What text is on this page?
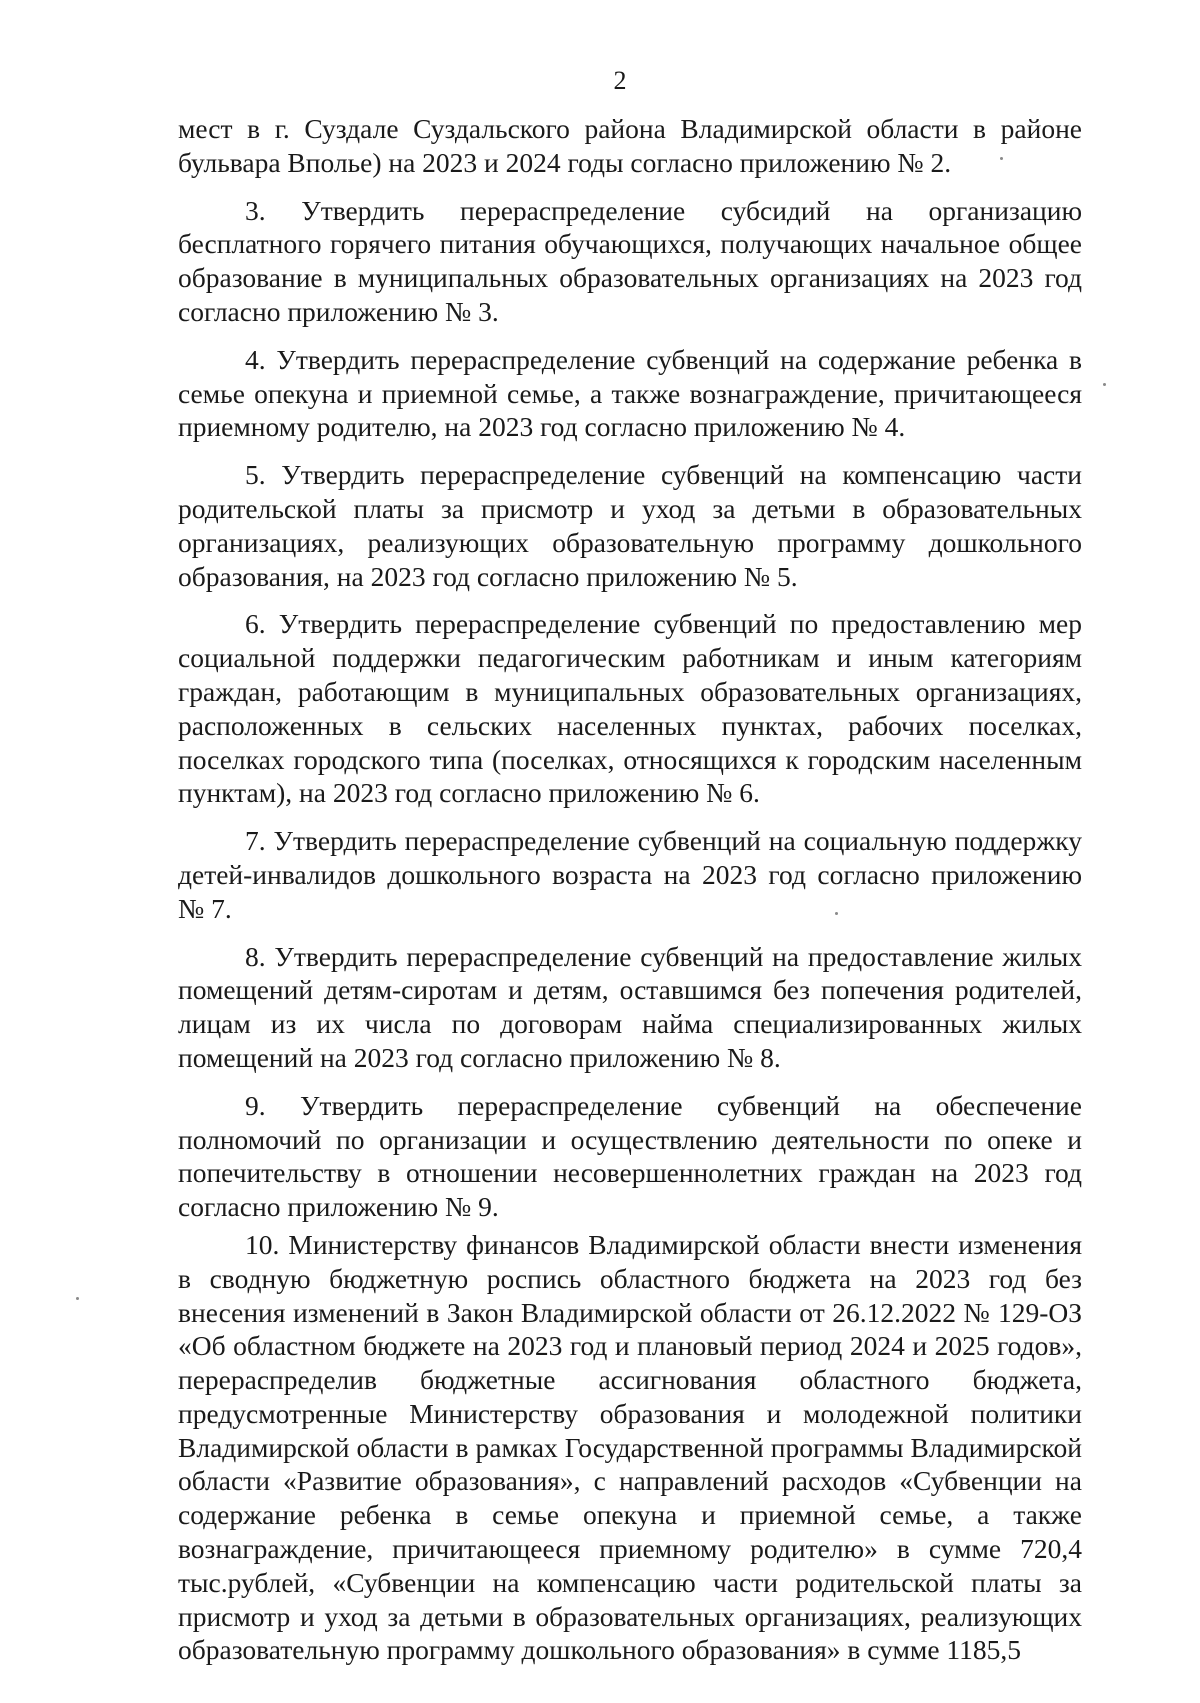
2

мест в г. Суздале Суздальского района Владимирской области в районе бульвара Вполье) на 2023 и 2024 годы согласно приложению № 2.

3. Утвердить перераспределение субсидий на организацию бесплатного горячего питания обучающихся, получающих начальное общее образование в муниципальных образовательных организациях на 2023 год согласно приложению № 3.

4. Утвердить перераспределение субвенций на содержание ребенка в семье опекуна и приемной семье, а также вознаграждение, причитающееся приемному родителю, на 2023 год согласно приложению № 4.

5. Утвердить перераспределение субвенций на компенсацию части родительской платы за присмотр и уход за детьми в образовательных организациях, реализующих образовательную программу дошкольного образования, на 2023 год согласно приложению № 5.

6. Утвердить перераспределение субвенций по предоставлению мер социальной поддержки педагогическим работникам и иным категориям граждан, работающим в муниципальных образовательных организациях, расположенных в сельских населенных пунктах, рабочих поселках, поселках городского типа (поселках, относящихся к городским населенным пунктам), на 2023 год согласно приложению № 6.

7. Утвердить перераспределение субвенций на социальную поддержку детей-инвалидов дошкольного возраста на 2023 год согласно приложению № 7.

8. Утвердить перераспределение субвенций на предоставление жилых помещений детям-сиротам и детям, оставшимся без попечения родителей, лицам из их числа по договорам найма специализированных жилых помещений на 2023 год согласно приложению № 8.

9. Утвердить перераспределение субвенций на обеспечение полномочий по организации и осуществлению деятельности по опеке и попечительству в отношении несовершеннолетних граждан на 2023 год согласно приложению № 9.

10. Министерству финансов Владимирской области внести изменения в сводную бюджетную роспись областного бюджета на 2023 год без внесения изменений в Закон Владимирской области от 26.12.2022 № 129-ОЗ «Об областном бюджете на 2023 год и плановый период 2024 и 2025 годов», перераспределив бюджетные ассигнования областного бюджета, предусмотренные Министерству образования и молодежной политики Владимирской области в рамках Государственной программы Владимирской области «Развитие образования», с направлений расходов «Субвенции на содержание ребенка в семье опекуна и приемной семье, а также вознаграждение, причитающееся приемному родителю» в сумме 720,4 тыс.рублей, «Субвенции на компенсацию части родительской платы за присмотр и уход за детьми в образовательных организациях, реализующих образовательную программу дошкольного образования» в сумме 1185,5
